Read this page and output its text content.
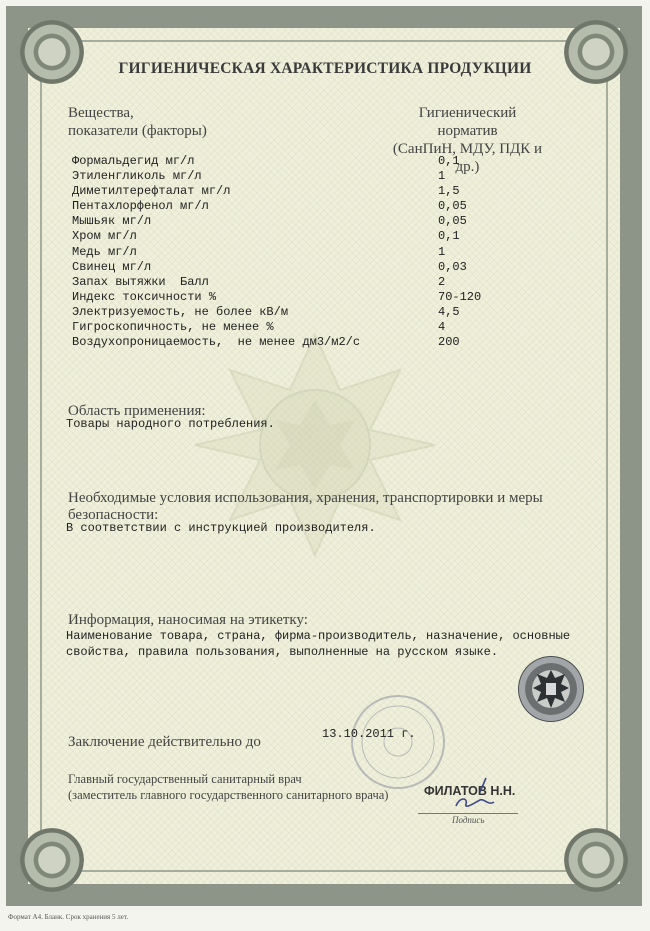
ГИГИЕНИЧЕСКАЯ ХАРАКТЕРИСТИКА ПРОДУКЦИИ
Вещества,
показатели (факторы)
Гигиенический
норматив
(СанПиН, МДУ, ПДК и др.)
Формальдегид мг/л	0,1
Этиленгликоль мг/л	1
Диметилтерефталат мг/л	1,5
Пентахлорфенол мг/л	0,05
Мышьяк мг/л	0,05
Хром мг/л	0,1
Медь мг/л	1
Свинец мг/л	0,03
Запах вытяжки  Балл	2
Индекс токсичности %	70-120
Электризуемость, не более кВ/м	4,5
Гигроскопичность, не менее %	4
Воздухопроницаемость,  не менее дм3/м2/с	200
Область применения:
Товары народного потребления.
Необходимые условия использования, хранения, транспортировки и меры
безопасности:
В соответствии с инструкцией производителя.
Информация, наносимая на этикетку:
Наименование товара, страна, фирма-производитель, назначение, основные
свойства, правила пользования, выполненные на русском языке.
Заключение действительно до	13.10.2011 г.
Главный государственный санитарный врач
(заместитель главного государственного санитарного врача)	ФИЛАТОВ Н.Н.
Подпись
Формат А4. Бланк. Срок хранения 5 лет.
